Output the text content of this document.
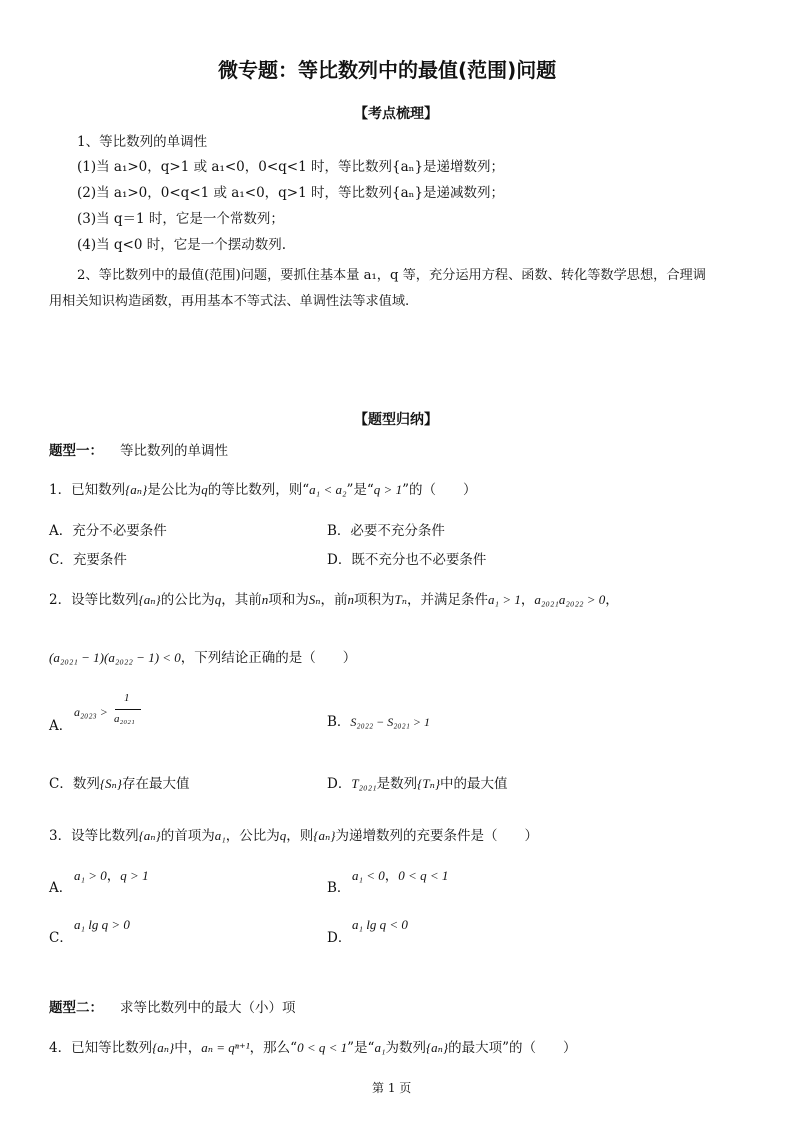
微专题：等比数列中的最值(范围)问题
【考点梳理】
1、等比数列的单调性
(1)当 a₁>0，q>1 或 a₁<0，0<q<1 时，等比数列{aₙ}是递增数列；
(2)当 a₁>0，0<q<1 或 a₁<0，q>1 时，等比数列{aₙ}是递减数列；
(3)当 q＝1 时，它是一个常数列；
(4)当 q<0 时，它是一个摆动数列.
2、等比数列中的最值(范围)问题，要抓住基本量 a₁，q 等，充分运用方程、函数、转化等数学思想，合理调
用相关知识构造函数，再用基本不等式法、单调性法等求值域.
【题型归纳】
题型一： 等比数列的单调性
1．已知数列{aₙ}是公比为q的等比数列，则“a₁ < a₂”是“q > 1”的（　　）
A．充分不必要条件	B．必要不充分条件
C．充要条件	D．既不充分也不必要条件
2．设等比数列{aₙ}的公比为q，其前n项和为Sₙ，前n项积为Tₙ，并满足条件a₁ > 1，a₂₀₂₁a₂₀₂₂ > 0，
(a₂₀₂₁ − 1)(a₂₀₂₂ − 1) < 0，下列结论正确的是（　　）
A．
a₂₀₂₃ >
1
a₂₀₂₁	B．S₂₀₂₂ − S₂₀₂₁ > 1
C．数列{Sₙ}存在最大值	D．T₂₀₂₁是数列{Tₙ}中的最大值
3．设等比数列{aₙ}的首项为a₁，公比为q，则{aₙ}为递增数列的充要条件是（　　）
A．
a₁ > 0，q > 1
B．
a₁ < 0，0 < q < 1
C．
a₁ lg q > 0
D．
a₁ lg q < 0
题型二： 求等比数列中的最大（小）项
4．已知等比数列{aₙ}中，aₙ = qⁿ⁺¹，那么“0 < q < 1”是“a₁为数列{aₙ}的最大项”的（　　）
第 1 页
